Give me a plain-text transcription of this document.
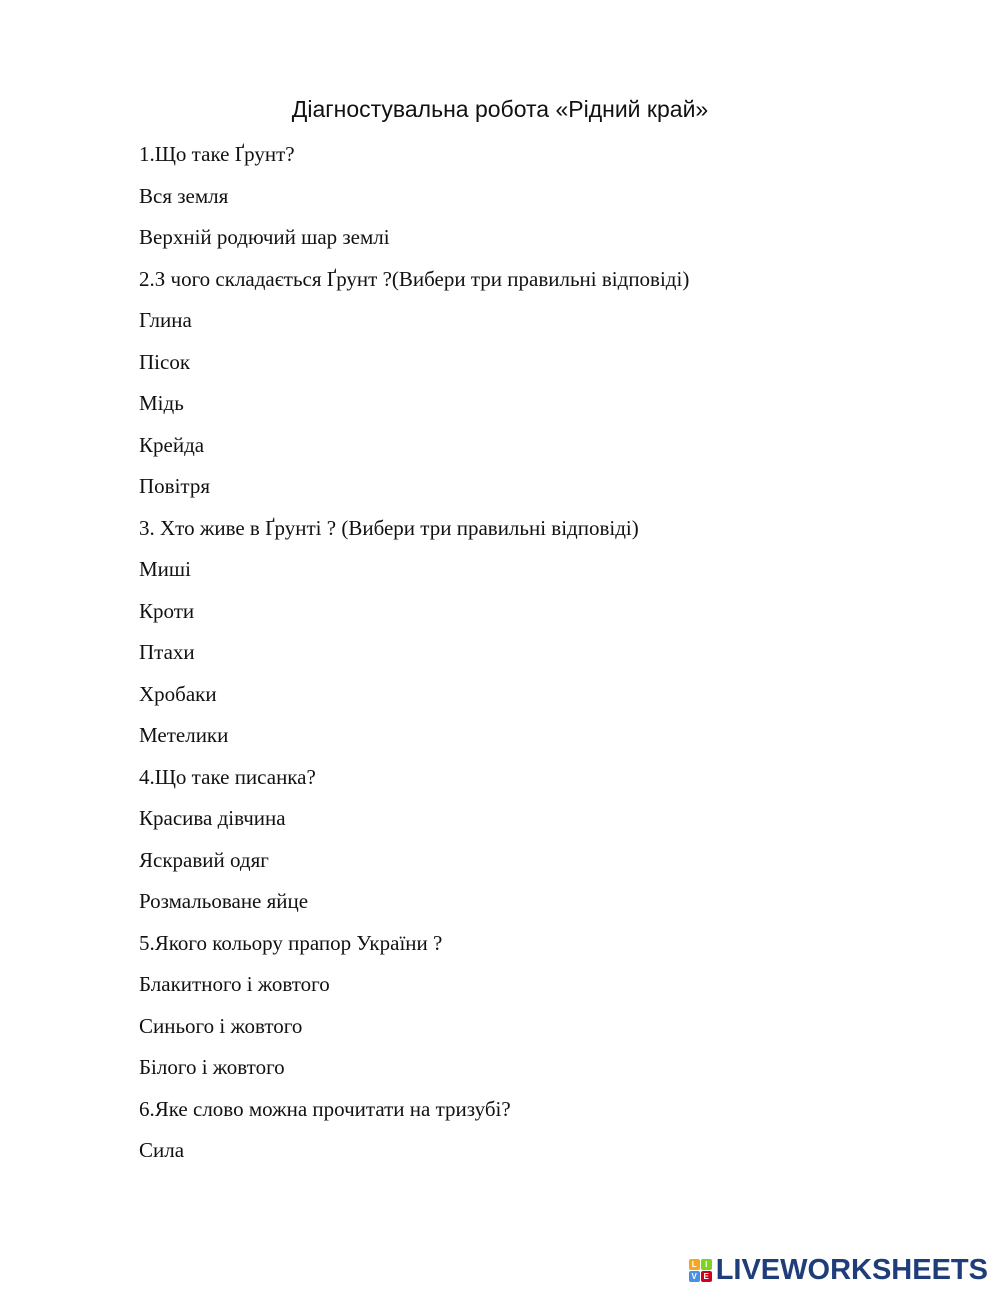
Діагностувальна робота «Рідний край»
1.Що таке Ґрунт?
Вся земля
Верхній родючий шар землі
2.З чого складається Ґрунт ?(Вибери три правильні відповіді)
Глина
Пісок
Мідь
Крейда
Повітря
3. Хто живе в Ґрунті ? (Вибери три правильні відповіді)
Миші
Кроти
Птахи
Хробаки
Метелики
4.Що таке писанка?
Красива дівчина
Яскравий одяг
Розмальоване яйце
5.Якого кольору прапор України ?
Блакитного і жовтого
Синього і жовтого
Білого і жовтого
6.Яке слово можна прочитати на тризубі?
Сила
L	I
V E LIVEWORKSHEETS
